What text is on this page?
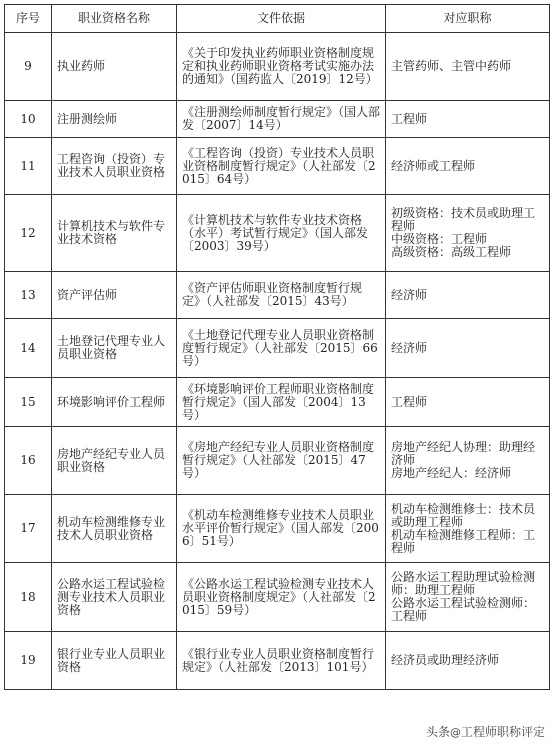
序号	职业资格名称	文件依据	对应职称
9	执业药师	《关于印发执业药师职业资格制度规定和执业药师职业资格考试实施办法的通知》（国药监人〔2019〕12号）	主管药师、主管中药师
10	注册测绘师	《注册测绘师制度暂行规定》（国人部发〔2007〕14号）	工程师
11	工程咨询（投资）专业技术人员职业资格	《工程咨询（投资）专业技术人员职业资格制度暂行规定》（人社部发〔2015〕64号）	经济师或工程师
12	计算机技术与软件专业技术资格	《计算机技术与软件专业技术资格（水平）考试暂行规定》（国人部发〔2003〕39号）	初级资格：技术员或助理工程师
中级资格：工程师
高级资格：高级工程师
13	资产评估师	《资产评估师职业资格制度暂行规定》（人社部发〔2015〕43号）	经济师
14	土地登记代理专业人员职业资格	《土地登记代理专业人员职业资格制度暂行规定》（人社部发〔2015〕66号）	经济师
15	环境影响评价工程师	《环境影响评价工程师职业资格制度暂行规定》（国人部发〔2004〕13号）	工程师
16	房地产经纪专业人员职业资格	《房地产经纪专业人员职业资格制度暂行规定》（人社部发〔2015〕47号）	房地产经纪人协理：助理经济师
房地产经纪人：经济师
17	机动车检测维修专业技术人员职业资格	《机动车检测维修专业技术人员职业水平评价暂行规定》（国人部发〔2006〕51号）	机动车检测维修士：技术员或助理工程师
机动车检测维修工程师：工程师
18	公路水运工程试验检测专业技术人员职业资格	《公路水运工程试验检测专业技术人员职业资格制度规定》（人社部发〔2015〕59号）	公路水运工程助理试验检测师：助理工程师
公路水运工程试验检测师：工程师
19	银行业专业人员职业资格	《银行业专业人员职业资格制度暂行规定》（人社部发〔2013〕101号）	经济员或助理经济师
头条@工程师职称评定
